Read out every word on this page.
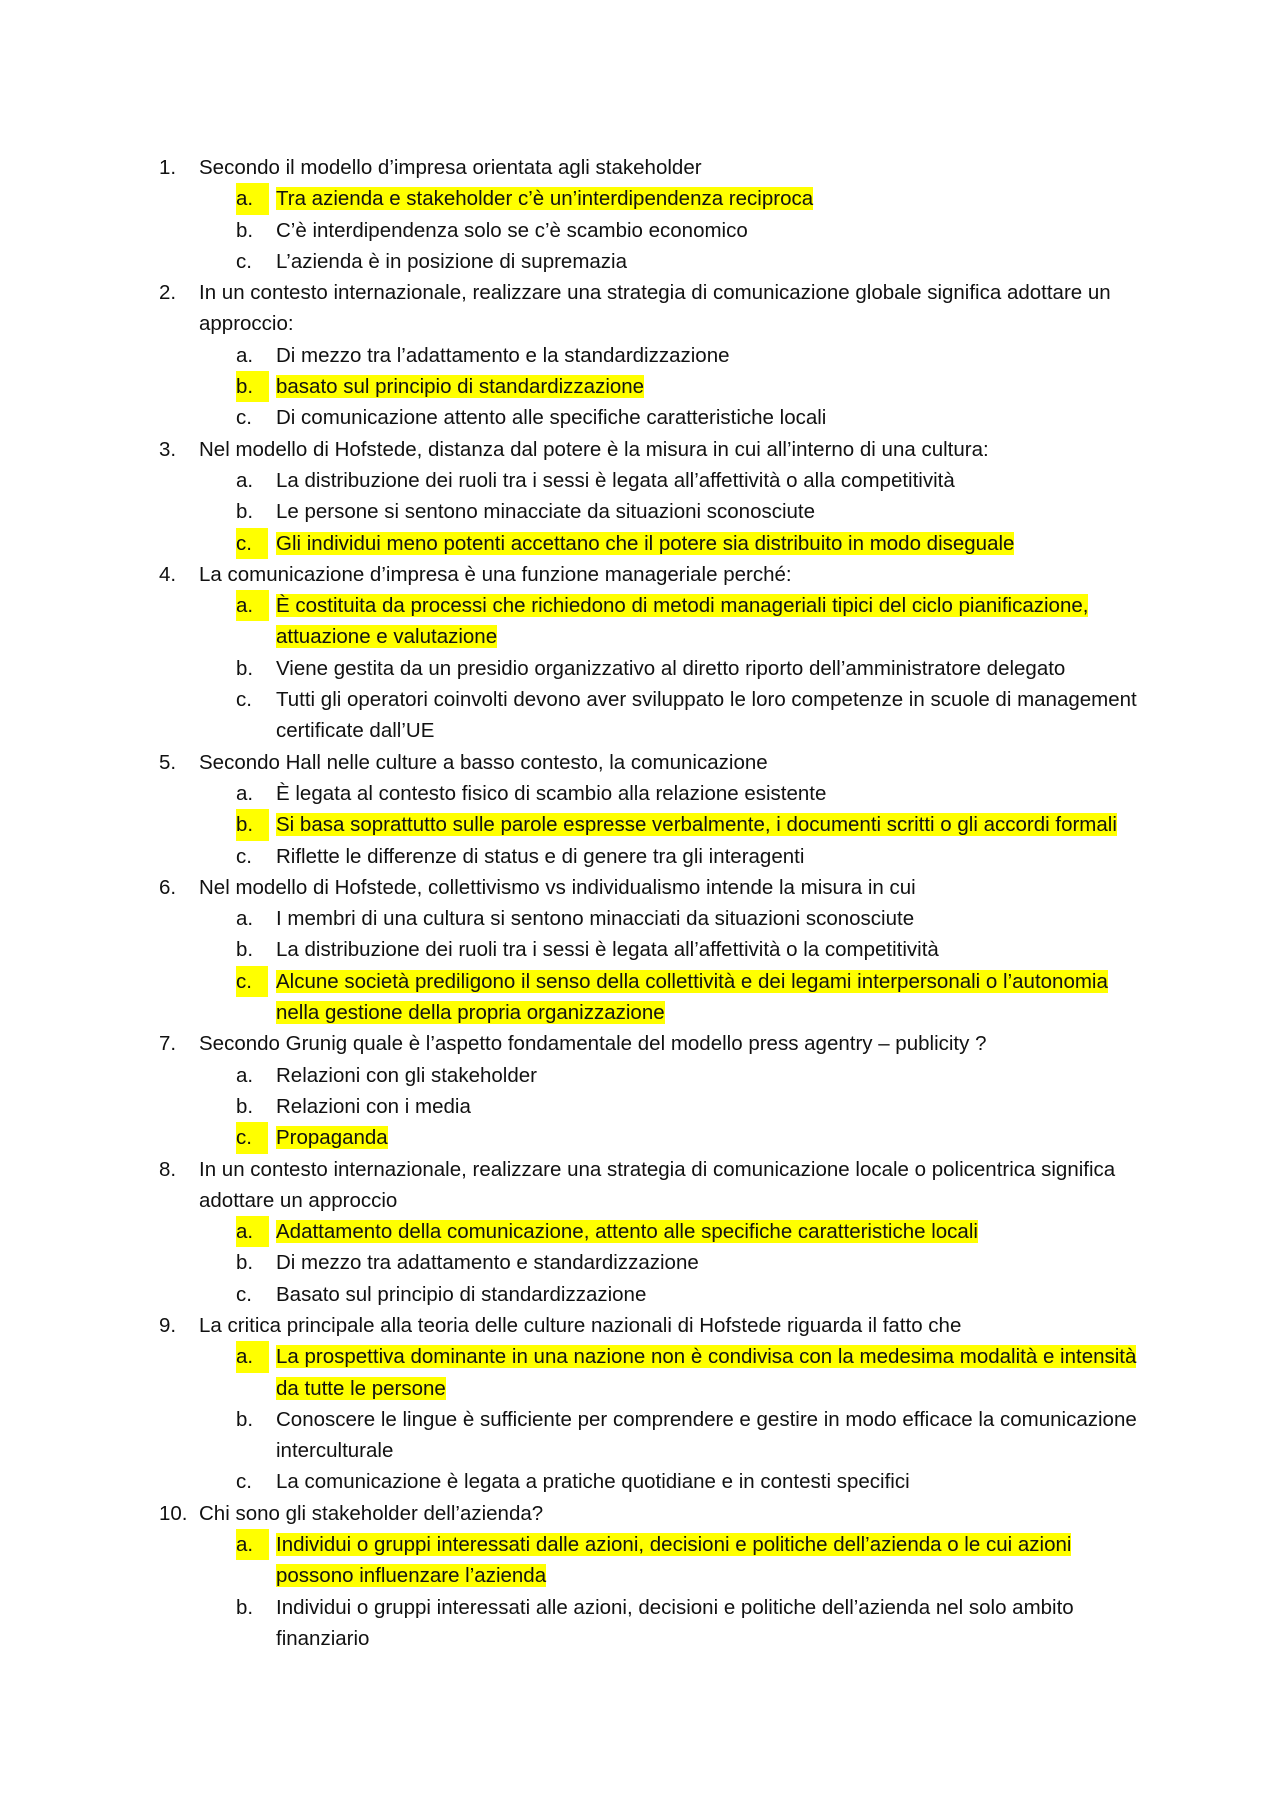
1.	Secondo il modello d’impresa orientata agli stakeholder
a.	Tra azienda e stakeholder c’è un’interdipendenza reciproca
b.	C’è interdipendenza solo se c’è scambio economico
c.	L’azienda è in posizione di supremazia
2.	In un contesto internazionale, realizzare una strategia di comunicazione globale significa adottare un approccio:
a.	Di mezzo tra l’adattamento e la standardizzazione
b.	basato sul principio di standardizzazione
c.	Di comunicazione attento alle specifiche caratteristiche locali
3.	Nel modello di Hofstede, distanza dal potere è la misura in cui all’interno di una cultura:
a.	La distribuzione dei ruoli tra i sessi è legata all’affettività o alla competitività
b.	Le persone si sentono minacciate da situazioni sconosciute
c.	Gli individui meno potenti accettano che il potere sia distribuito in modo diseguale
4.	La comunicazione d’impresa è una funzione manageriale perché:
a.	È costituita da processi che richiedono di metodi manageriali tipici del ciclo pianificazione, attuazione e valutazione
b.	Viene gestita da un presidio organizzativo al diretto riporto dell’amministratore delegato
c.	Tutti gli operatori coinvolti devono aver sviluppato le loro competenze in scuole di management certificate dall’UE
5.	Secondo Hall nelle culture a basso contesto, la comunicazione
a.	È legata al contesto fisico di scambio alla relazione esistente
b.	Si basa soprattutto sulle parole espresse verbalmente, i documenti scritti o gli accordi formali
c.	Riflette le differenze di status e di genere tra gli interagenti
6.	Nel modello di Hofstede, collettivismo vs individualismo intende la misura in cui
a.	I membri di una cultura si sentono minacciati da situazioni sconosciute
b.	La distribuzione dei ruoli tra i sessi è legata all’affettività o la competitività
c.	Alcune società prediligono il senso della collettività e dei legami interpersonali o l’autonomia nella gestione della propria organizzazione
7.	Secondo Grunig quale è l’aspetto fondamentale del modello press agentry – publicity ?
a.	Relazioni con gli stakeholder
b.	Relazioni con i media
c.	Propaganda
8.	In un contesto internazionale, realizzare una strategia di comunicazione locale o policentrica significa adottare un approccio
a.	Adattamento della comunicazione, attento alle specifiche caratteristiche locali
b.	Di mezzo tra adattamento e standardizzazione
c.	Basato sul principio di standardizzazione
9.	La critica principale alla teoria delle culture nazionali di Hofstede riguarda il fatto che
a.	La prospettiva dominante in una nazione non è condivisa con la medesima modalità e intensità da tutte le persone
b.	Conoscere le lingue è sufficiente per comprendere e gestire in modo efficace la comunicazione interculturale
c.	La comunicazione è legata a pratiche quotidiane e in contesti specifici
10. Chi sono gli stakeholder dell’azienda?
a.	Individui o gruppi interessati dalle azioni, decisioni e politiche dell’azienda o le cui azioni possono influenzare l’azienda
b.	Individui o gruppi interessati alle azioni, decisioni e politiche dell’azienda nel solo ambito finanziario
